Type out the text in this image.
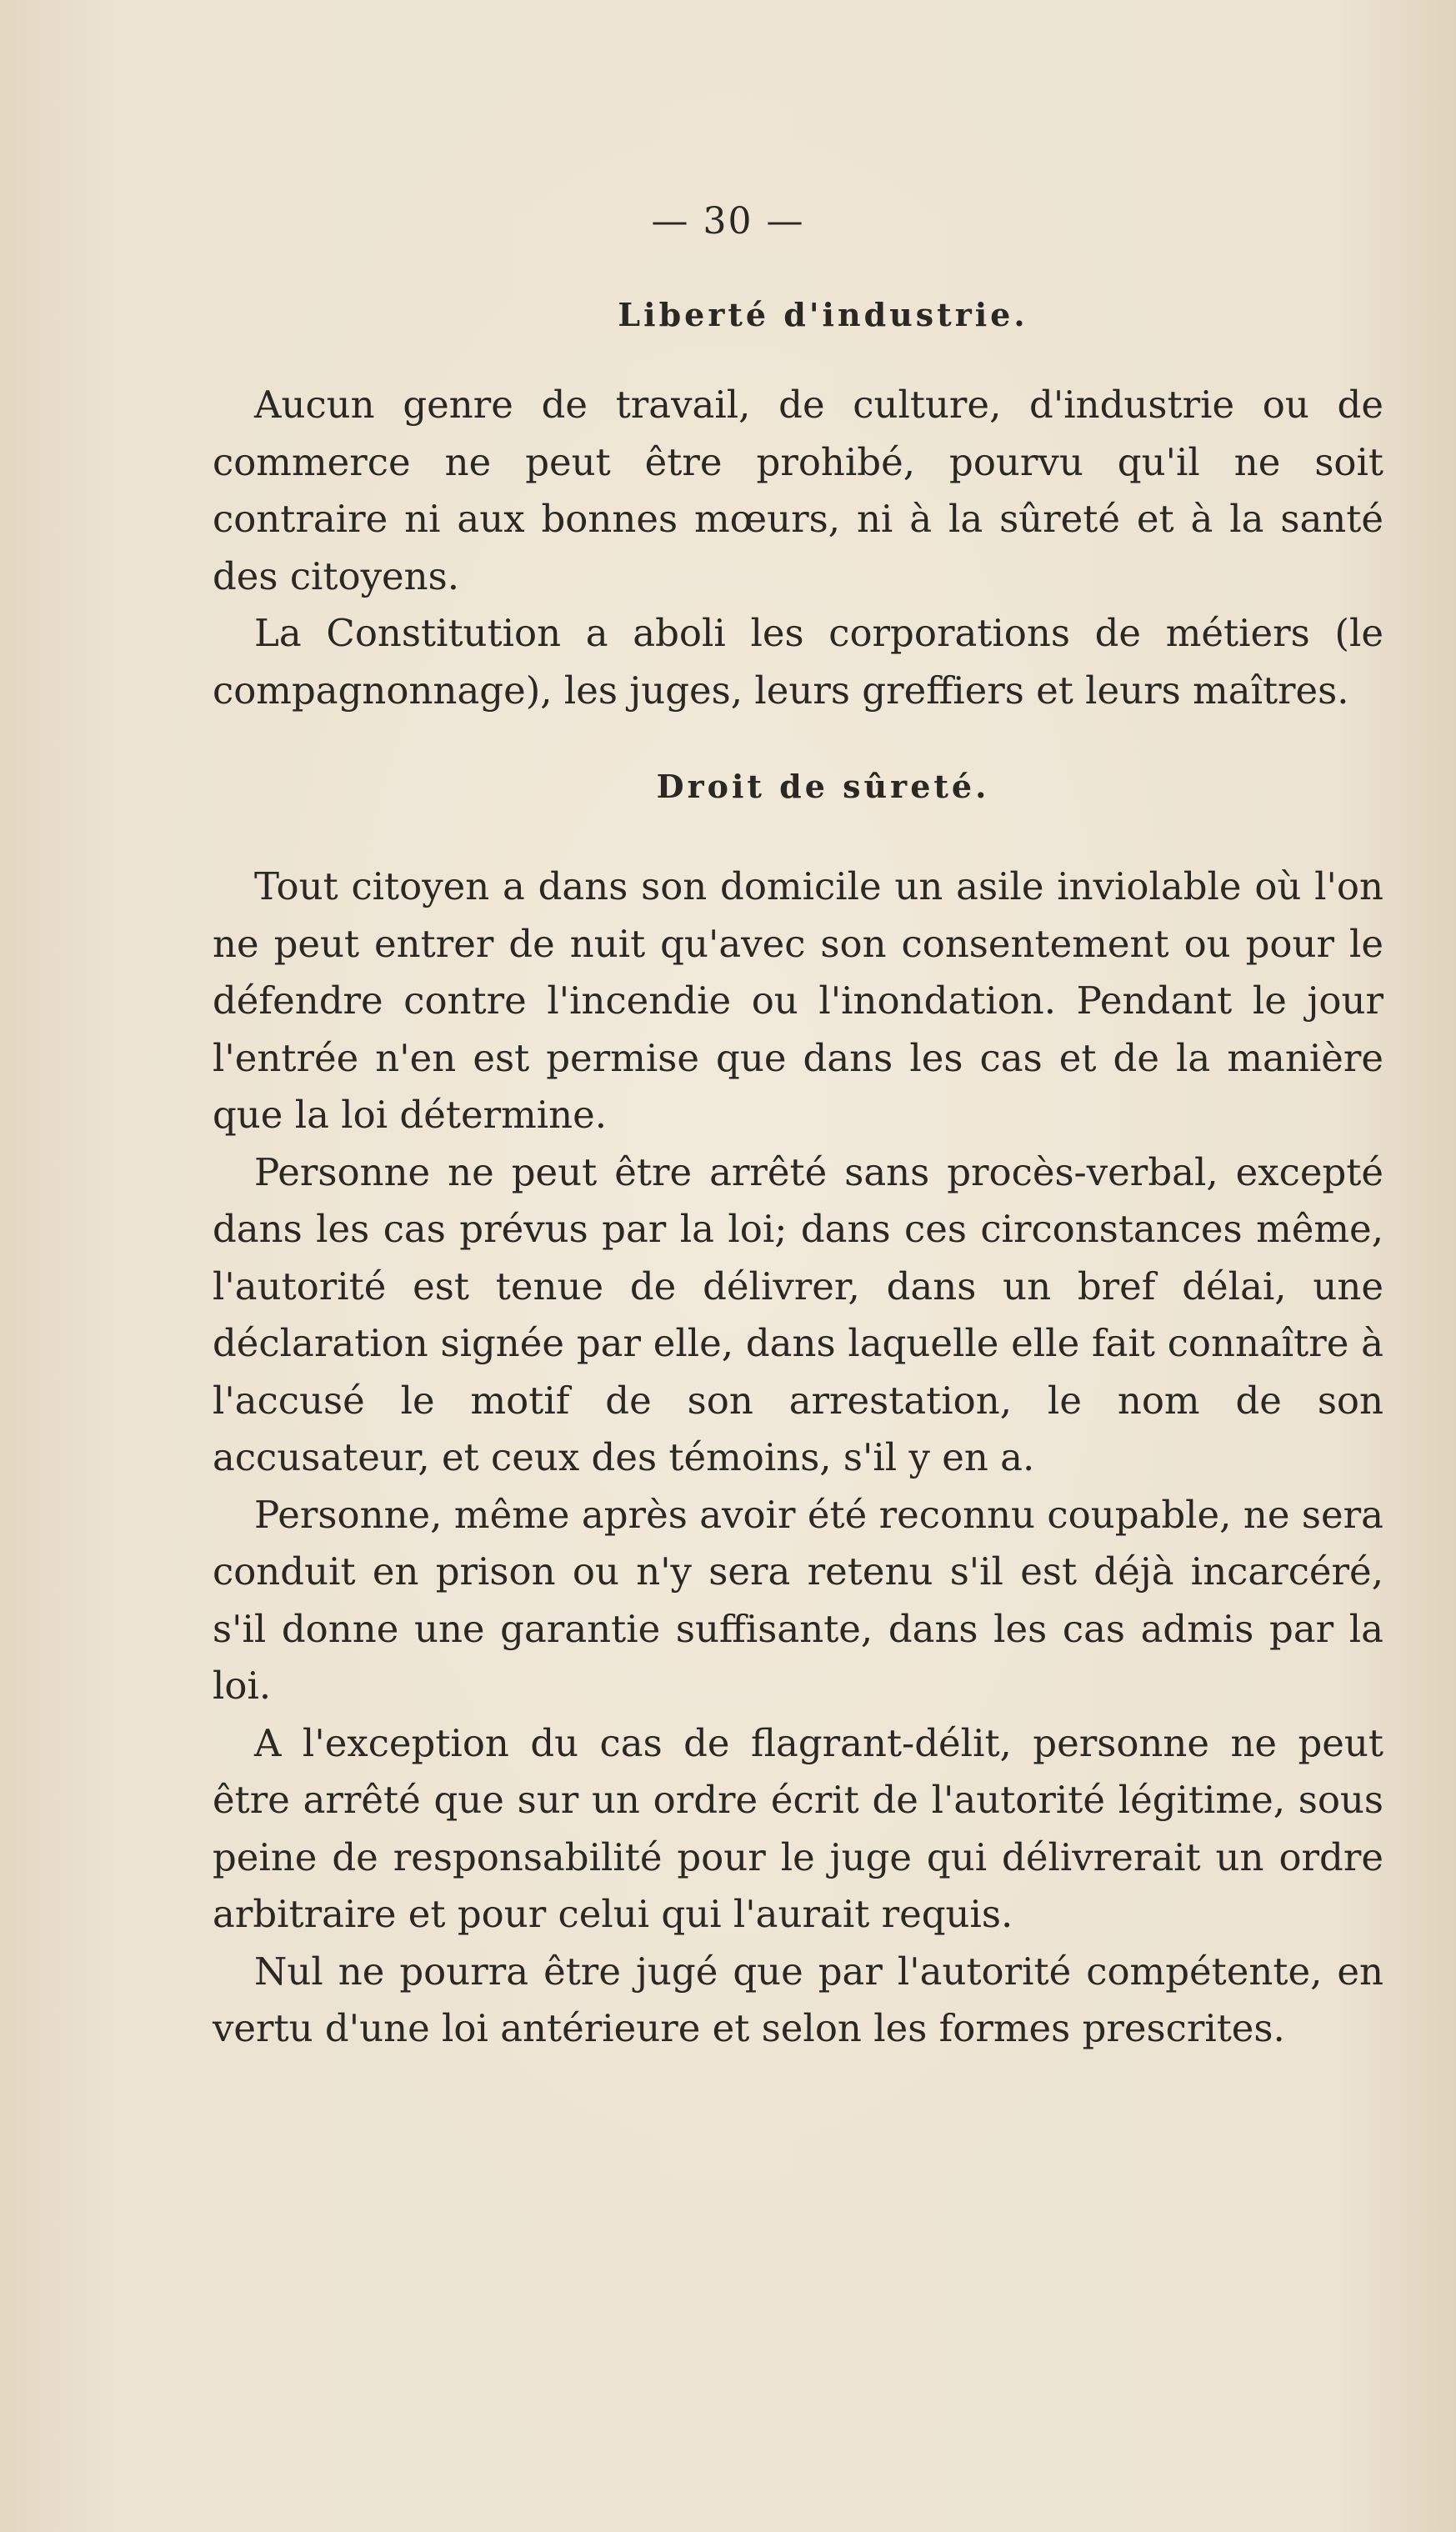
— 30 —
Liberté d'industrie.

Aucun genre de travail, de culture, d'industrie ou de commerce ne peut être prohibé, pourvu qu'il ne soit contraire ni aux bonnes mœurs, ni à la sûreté et à la santé des citoyens.

La Constitution a aboli les corporations de métiers (le compagnonnage), les juges, leurs greffiers et leurs maîtres.

Droit de sûreté.

Tout citoyen a dans son domicile un asile inviolable où l'on ne peut entrer de nuit qu'avec son consentement ou pour le défendre contre l'incendie ou l'inondation. Pendant le jour l'entrée n'en est permise que dans les cas et de la manière que la loi détermine.

Personne ne peut être arrêté sans procès-verbal, excepté dans les cas prévus par la loi; dans ces circonstances même, l'autorité est tenue de délivrer, dans un bref délai, une déclaration signée par elle, dans laquelle elle fait connaître à l'accusé le motif de son arrestation, le nom de son accusateur, et ceux des témoins, s'il y en a.

Personne, même après avoir été reconnu coupable, ne sera conduit en prison ou n'y sera retenu s'il est déjà incarcéré, s'il donne une garantie suffisante, dans les cas admis par la loi.

A l'exception du cas de flagrant-délit, personne ne peut être arrêté que sur un ordre écrit de l'autorité légitime, sous peine de responsabilité pour le juge qui délivrerait un ordre arbitraire et pour celui qui l'aurait requis.

Nul ne pourra être jugé que par l'autorité compétente, en vertu d'une loi antérieure et selon les formes prescrites.
